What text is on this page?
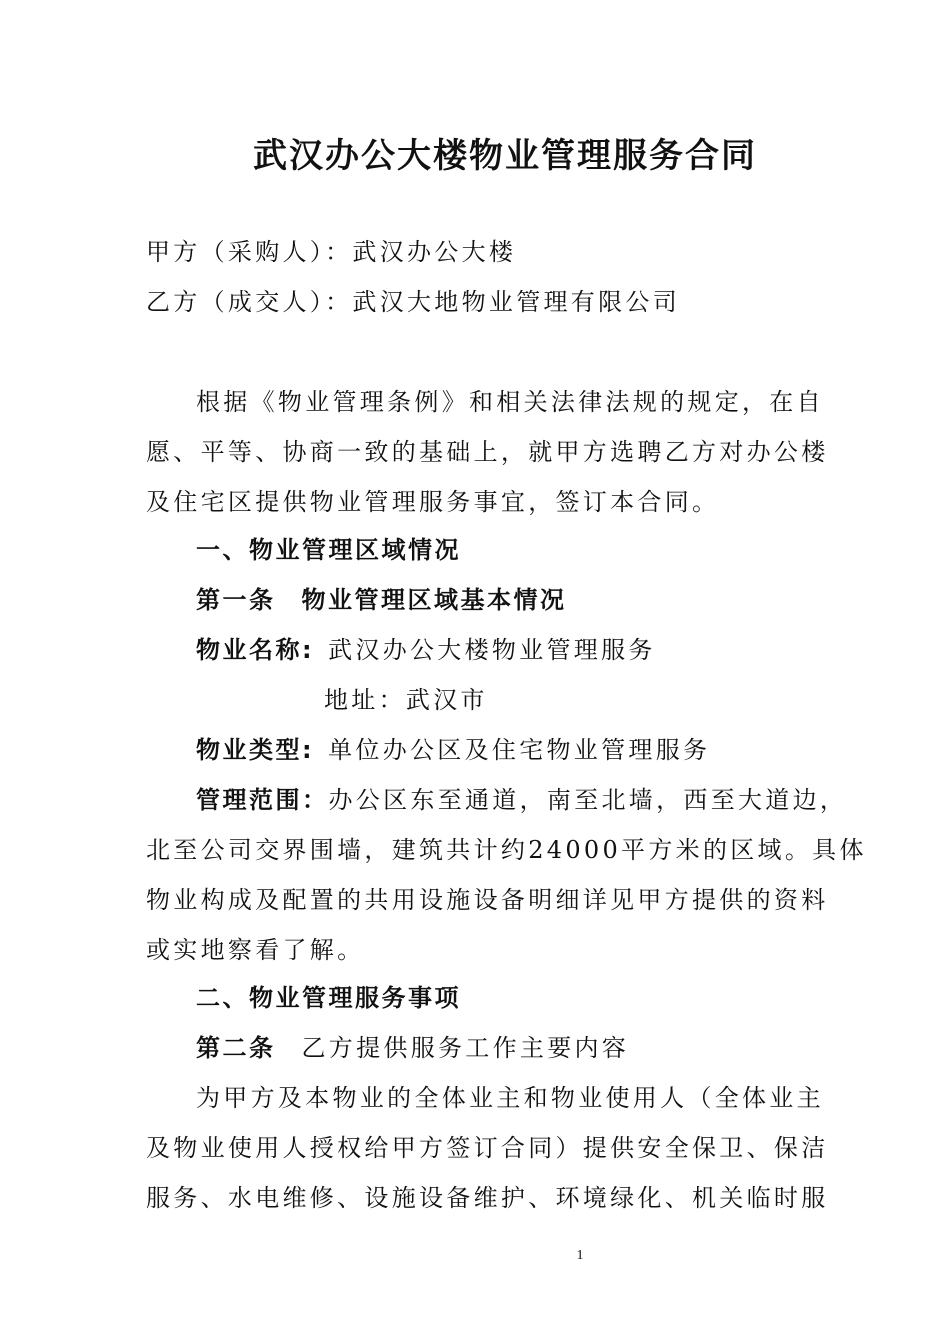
武汉办公大楼物业管理服务合同
甲方（采购人）：武汉办公大楼
乙方（成交人）：武汉大地物业管理有限公司
根据《物业管理条例》和相关法律法规的规定，在自
愿、平等、协商一致的基础上，就甲方选聘乙方对办公楼
及住宅区提供物业管理服务事宜，签订本合同。
一、物业管理区域情况
第一条 物业管理区域基本情况
物业名称: 武汉办公大楼物业管理服务
地址：武汉市
物业类型: 单位办公区及住宅物业管理服务
管理范围：办公区东至通道，南至北墙，西至大道边，
北至公司交界围墙，建筑共计约24000平方米的区域。具体
物业构成及配置的共用设施设备明细详见甲方提供的资料
或实地察看了解。
二、物业管理服务事项
第二条 乙方提供服务工作主要内容
为甲方及本物业的全体业主和物业使用人（全体业主
及物业使用人授权给甲方签订合同）提供安全保卫、保洁
服务、水电维修、设施设备维护、环境绿化、机关临时服
1
